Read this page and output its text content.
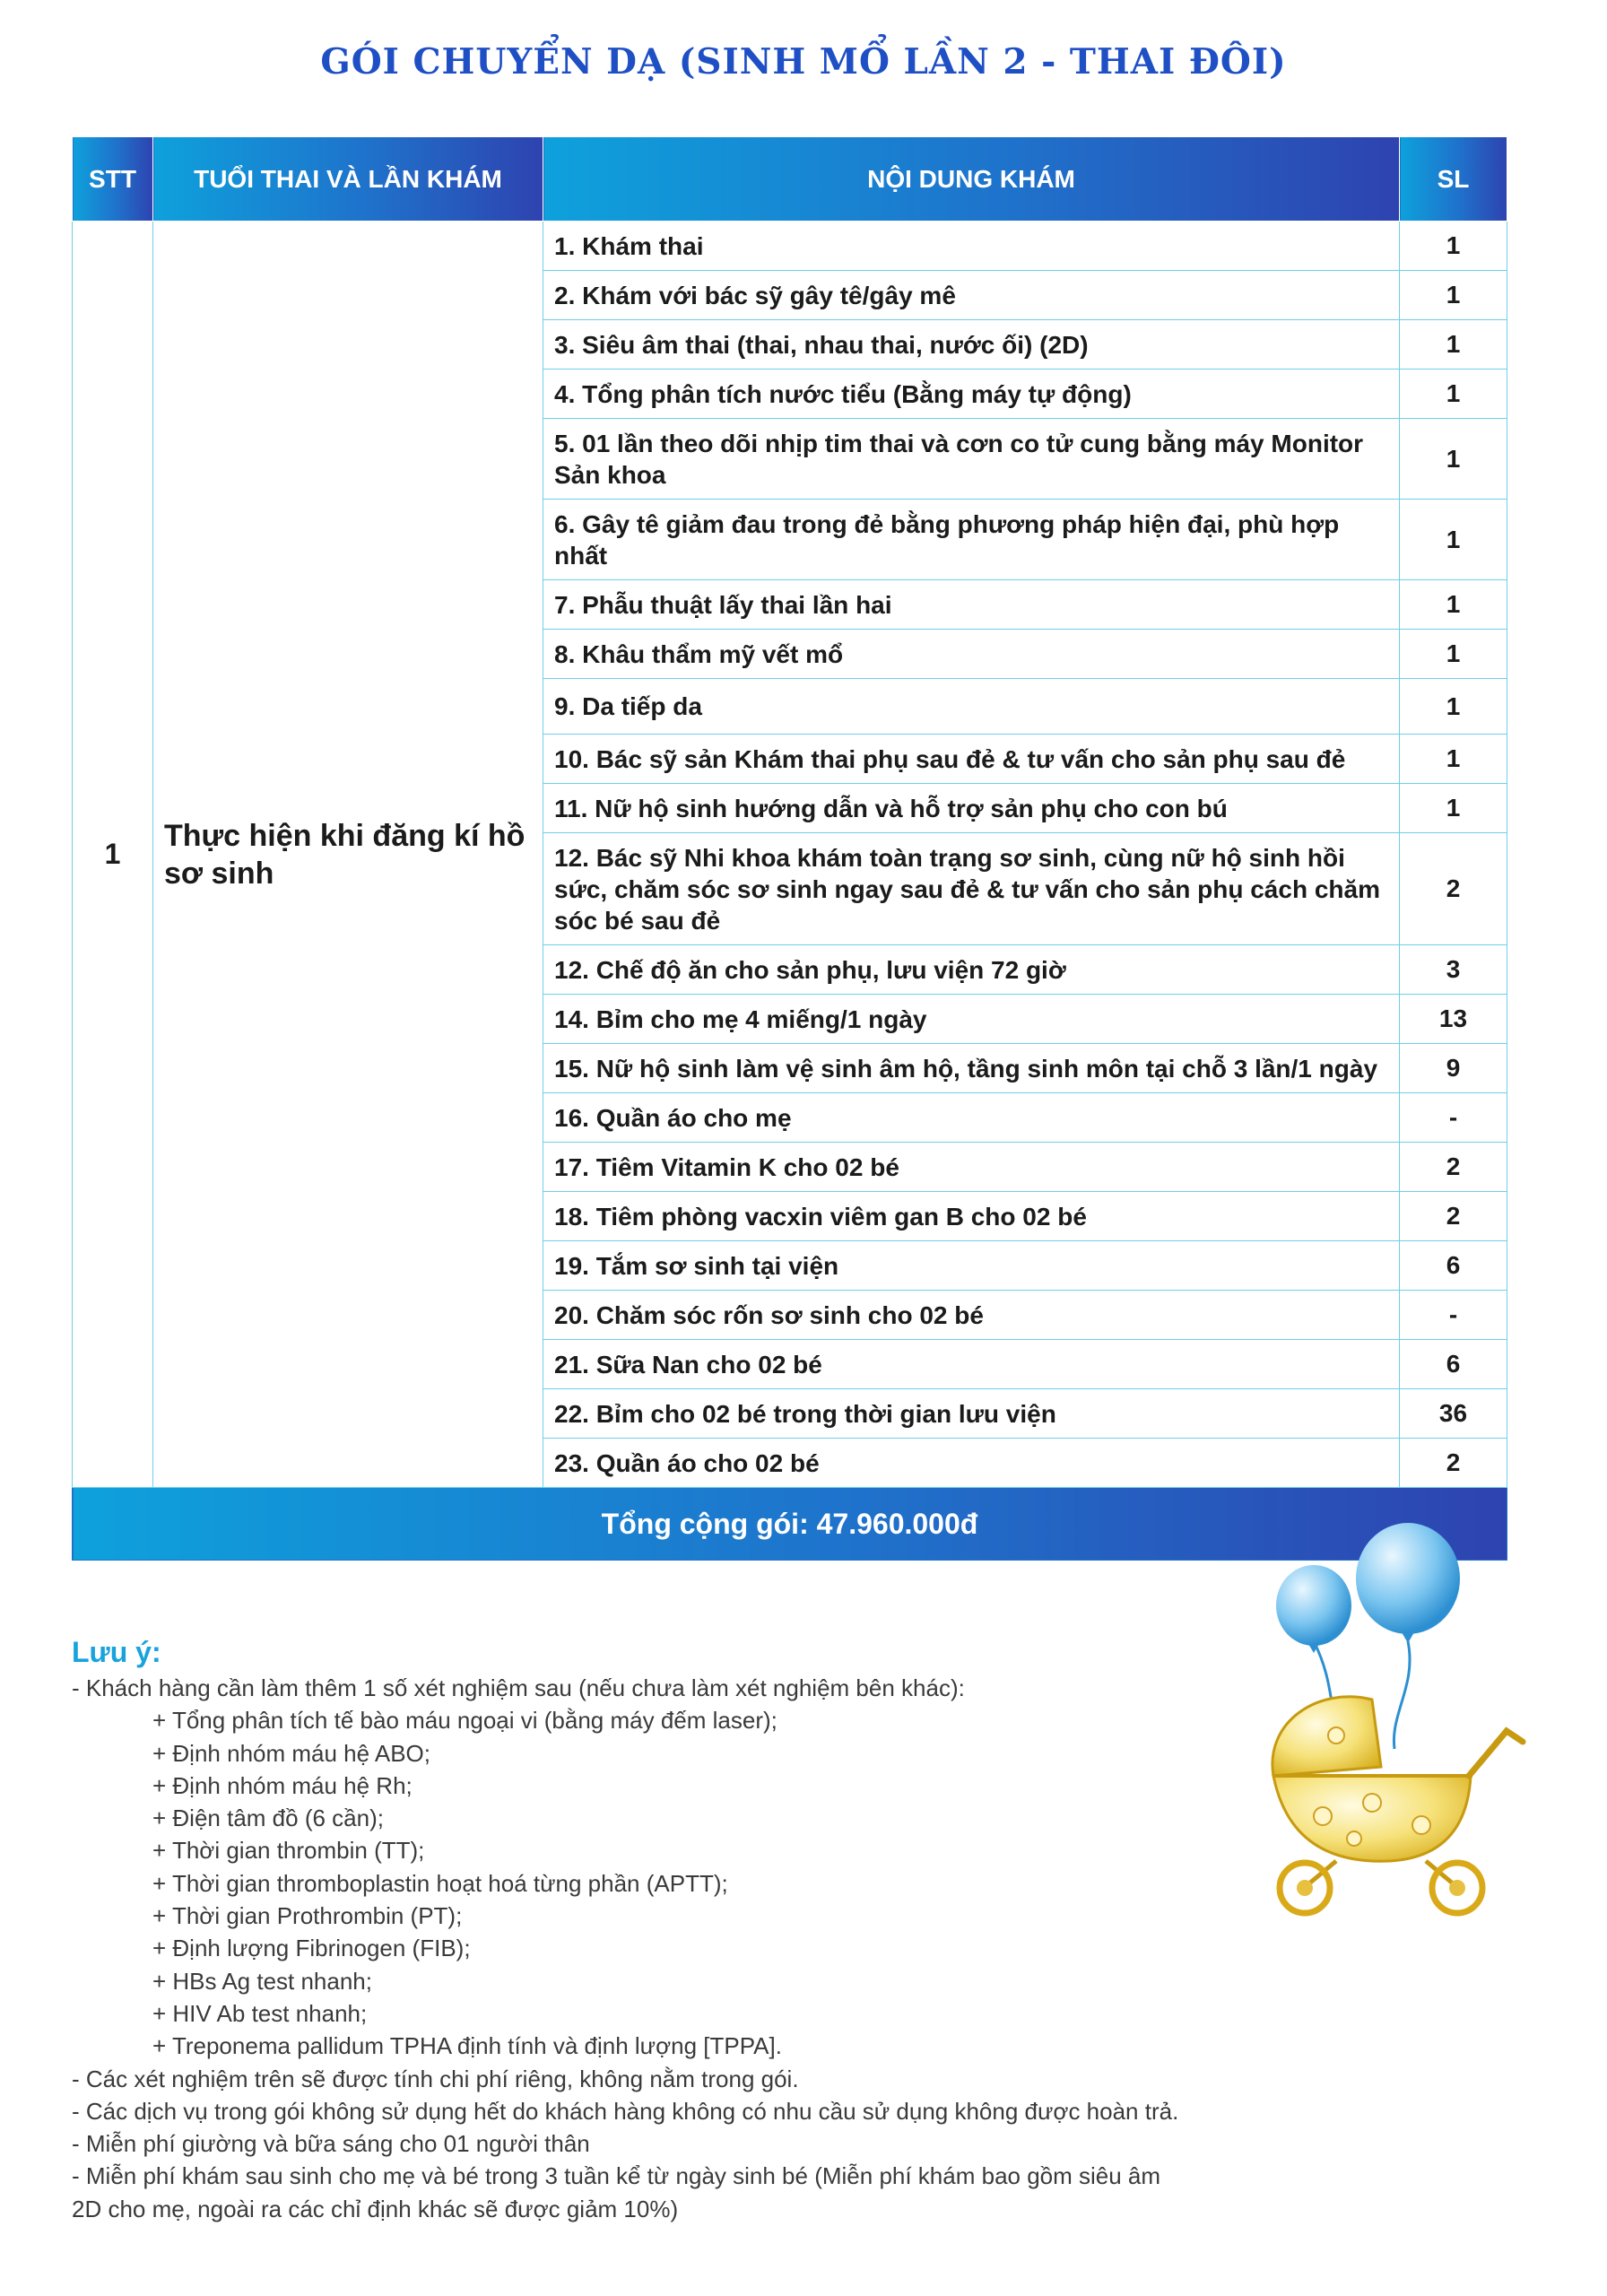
GÓI CHUYỂN DẠ (SINH MỔ LẦN 2 - THAI ĐÔI)
STT	TUỔI THAI VÀ LẦN KHÁM	NỘI DUNG KHÁM	SL
1	Thực hiện khi đăng kí hồ sơ sinh	1. Khám thai	1
		2. Khám với bác sỹ gây tê/gây mê	1
		3. Siêu âm thai (thai, nhau thai, nước ối) (2D)	1
		4. Tổng phân tích nước tiểu (Bằng máy tự động)	1
		5. 01 lần theo dõi nhịp tim thai và cơn co tử cung bằng máy Monitor Sản khoa	1
		6. Gây tê giảm đau trong đẻ bằng phương pháp hiện đại, phù hợp nhất	1
		7. Phẫu thuật lấy thai lần hai	1
		8. Khâu thẩm mỹ vết mổ	1
		9. Da tiếp da	1
		10. Bác sỹ sản Khám thai phụ sau đẻ & tư vấn cho sản phụ sau đẻ	1
		11. Nữ hộ sinh hướng dẫn và hỗ trợ sản phụ cho con bú	1
		12. Bác sỹ Nhi khoa khám toàn trạng sơ sinh, cùng nữ hộ sinh hồi sức, chăm sóc sơ sinh ngay sau đẻ & tư vấn cho sản phụ cách chăm sóc bé sau đẻ	2
		12. Chế độ ăn cho sản phụ, lưu viện 72 giờ	3
		14. Bỉm cho mẹ 4 miếng/1 ngày	13
		15. Nữ hộ sinh làm vệ sinh âm hộ, tầng sinh môn tại chỗ 3 lần/1 ngày	9
		16. Quần áo cho mẹ	-
		17. Tiêm Vitamin K cho 02 bé	2
		18. Tiêm phòng vacxin viêm gan B cho 02 bé	2
		19. Tắm sơ sinh tại viện	6
		20. Chăm sóc rốn sơ sinh cho 02 bé	-
		21. Sữa Nan cho 02 bé	6
		22. Bỉm cho 02 bé trong thời gian lưu viện	36
		23. Quần áo cho 02 bé	2
Tổng cộng gói: 47.960.000đ			
Lưu ý:
- Khách hàng cần làm thêm 1 số xét nghiệm sau (nếu chưa làm xét nghiệm bên khác):
+ Tổng phân tích tế bào máu ngoại vi (bằng máy đếm laser);
+ Định nhóm máu hệ ABO;
+ Định nhóm máu hệ Rh;
+ Điện tâm đồ (6 cần);
+ Thời gian thrombin (TT);
+ Thời gian thromboplastin hoạt hoá từng phần (APTT);
+ Thời gian Prothrombin (PT);
+ Định lượng Fibrinogen (FIB);
+ HBs Ag test nhanh;
+ HIV Ab test nhanh;
+ Treponema pallidum TPHA định tính và định lượng [TPPA].
- Các xét nghiệm trên sẽ được tính chi phí riêng, không nằm trong gói.
- Các dịch vụ trong gói không sử dụng hết do khách hàng không có nhu cầu sử dụng không được hoàn trả.
- Miễn phí giường và bữa sáng cho 01 người thân
- Miễn phí khám sau sinh cho mẹ và bé trong 3 tuần kể từ ngày sinh bé (Miễn phí khám bao gồm siêu âm 2D cho mẹ, ngoài ra các chỉ định khác sẽ được giảm 10%)
